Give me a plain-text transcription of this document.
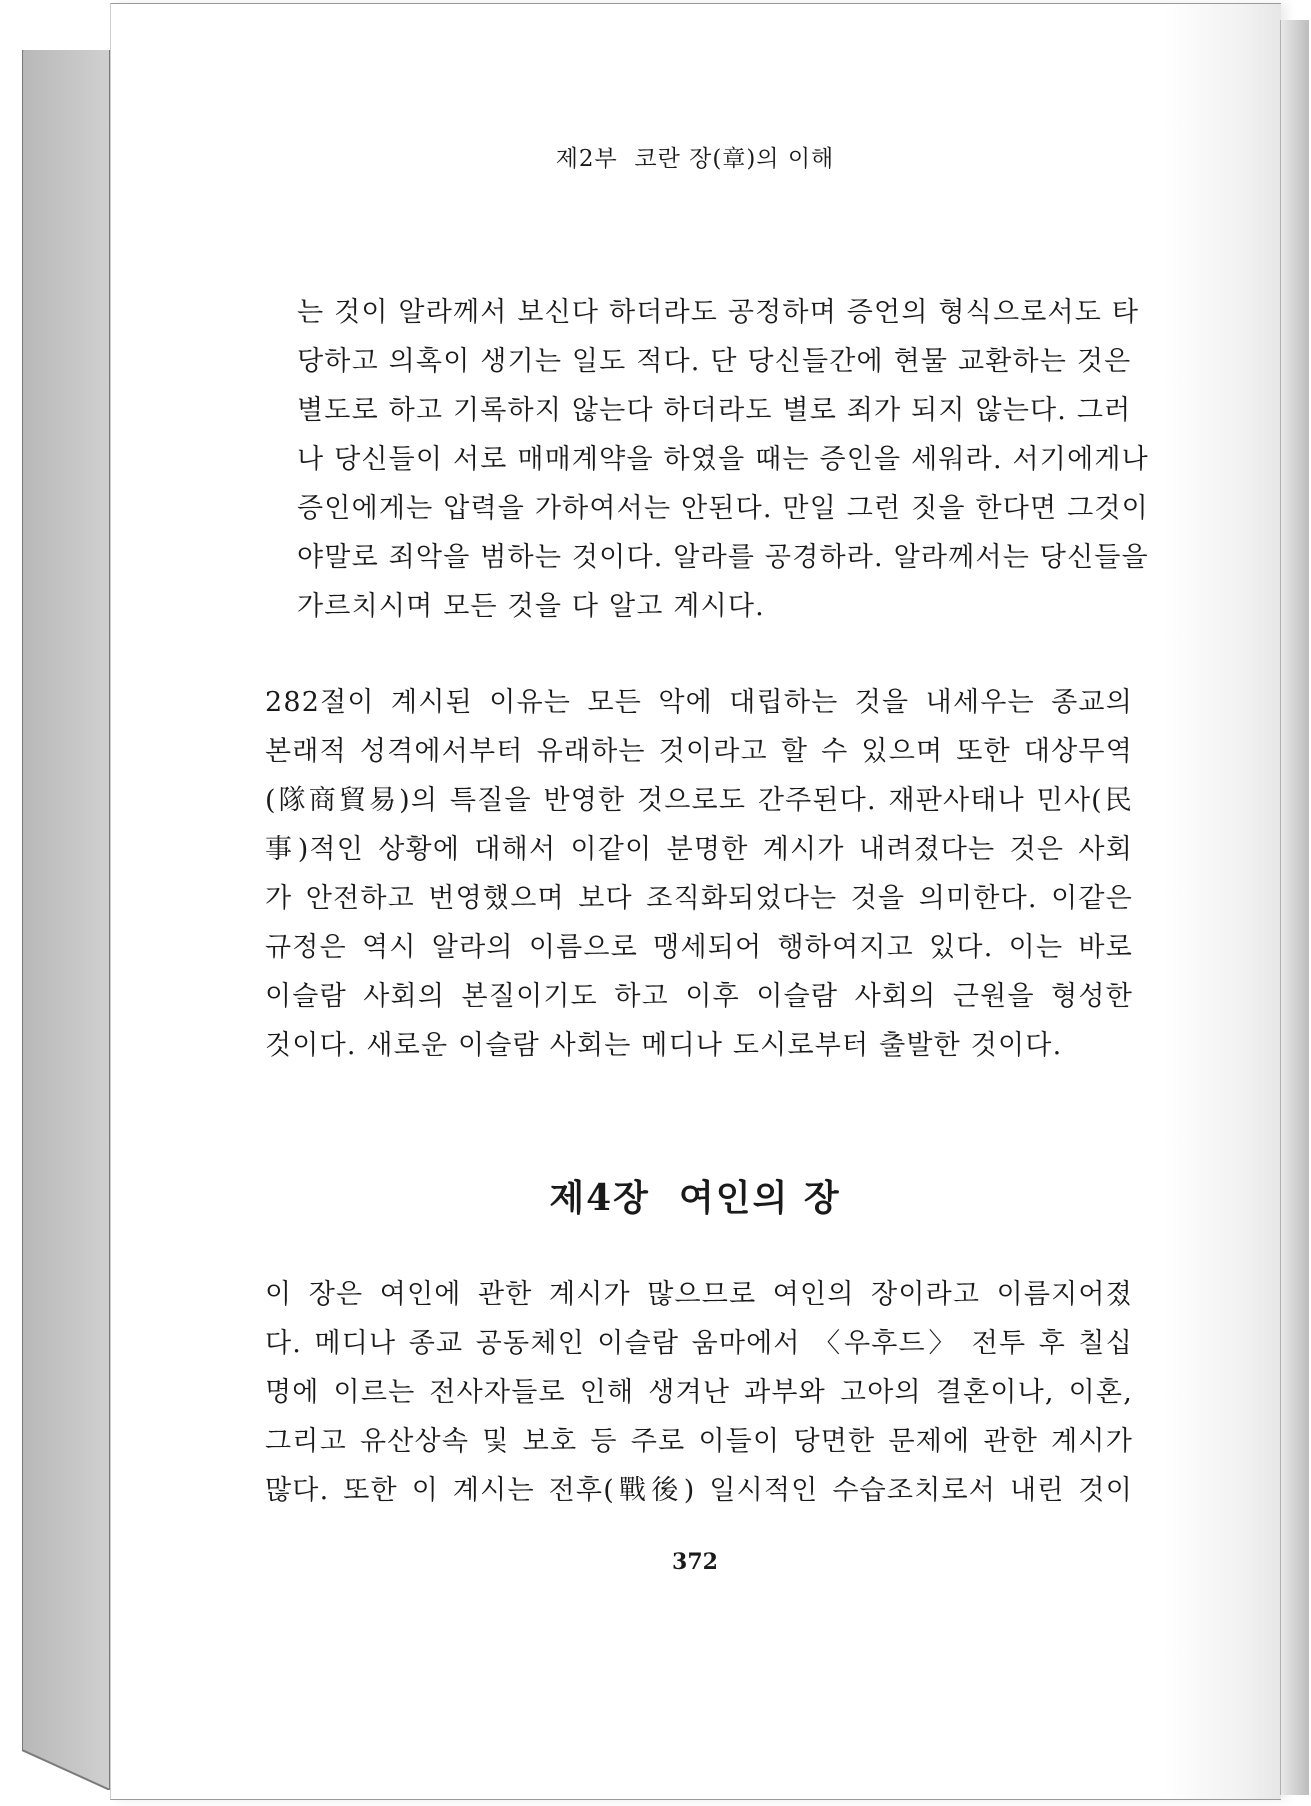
제2부  코란 장(章)의 이해
는 것이 알라께서 보신다 하더라도 공정하며 증언의 형식으로서도 타
당하고 의혹이 생기는 일도 적다. 단 당신들간에 현물 교환하는 것은
별도로 하고 기록하지 않는다 하더라도 별로 죄가 되지 않는다. 그러
나 당신들이 서로 매매계약을 하였을 때는 증인을 세워라. 서기에게나
증인에게는 압력을 가하여서는 안된다. 만일 그런 짓을 한다면 그것이
야말로 죄악을 범하는 것이다. 알라를 공경하라. 알라께서는 당신들을
가르치시며 모든 것을 다 알고 계시다.
282절이 계시된 이유는 모든 악에 대립하는 것을 내세우는 종교의
본래적 성격에서부터 유래하는 것이라고 할 수 있으며 또한 대상무역
(隊商貿易)의 특질을 반영한 것으로도 간주된다. 재판사태나 민사(民
事)적인 상황에 대해서 이같이 분명한 계시가 내려졌다는 것은 사회
가 안전하고 번영했으며 보다 조직화되었다는 것을 의미한다. 이같은
규정은 역시 알라의 이름으로 맹세되어 행하여지고 있다. 이는 바로
이슬람 사회의 본질이기도 하고 이후 이슬람 사회의 근원을 형성한
것이다. 새로운 이슬람 사회는 메디나 도시로부터 출발한 것이다.
제4장  여인의 장
이 장은 여인에 관한 계시가 많으므로 여인의 장이라고 이름지어졌
다. 메디나 종교 공동체인 이슬람 움마에서 〈우후드〉 전투 후 칠십
명에 이르는 전사자들로 인해 생겨난 과부와 고아의 결혼이나, 이혼,
그리고 유산상속 및 보호 등 주로 이들이 당면한 문제에 관한 계시가
많다. 또한 이 계시는 전후(戰後) 일시적인 수습조치로서 내린 것이
372
